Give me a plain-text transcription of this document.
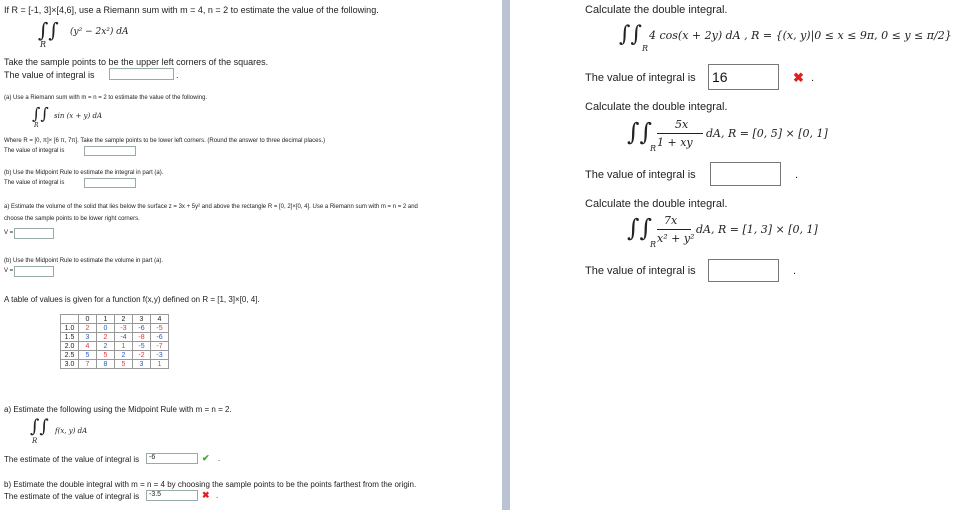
If R = [-1, 3]×[4,6], use a Riemann sum with m = 4, n = 2 to estimate the value of the following.
∫∫
R
(y² − 2x²) dA
Take the sample points to be the upper left corners of the squares.
The value of integral is	.
(a) Use a Riemann sum with m = n = 2 to estimate the value of the following.
∫∫
R
sin (x + y) dA
Where R = [0, π]× [6 π, 7π]. Take the sample points to be lower left corners. (Round the answer to three decimal places.)
The value of integral is
(b) Use the Midpoint Rule to estimate the integral in part (a).
The value of integral is
a) Estimate the volume of the solid that lies below the surface z = 3x + 5y² and above the rectangle R = [0, 2]×[0, 4]. Use a Riemann sum with m = n = 2 and
choose the sample points to be lower right corners.
V =
(b) Use the Midpoint Rule to estimate the volume in part (a).
V =
A table of values is given for a function f(x,y) defined on R = [1, 3]×[0, 4].
	0	1	2	3	4
1.0	2	0	-3	-6	-5
1.5	3	2	-4	-8	-6
2.0	4	2	1	-5	-7
2.5	5	5	2	-2	-3
3.0	7	8	5	3	1
a) Estimate the following using the Midpoint Rule with m = n = 2.
∫∫
R
f(x, y) dA
The estimate of the value of integral is	-6	✔ .
b) Estimate the double integral with m = n = 4 by choosing the sample points to be the points farthest from the origin.
The estimate of the value of integral is	-3.5	✖ .
Calculate the double integral.
∫∫
R
4 cos(x + 2y) dA , R = {(x, y)|0 ≤ x ≤ 9π, 0 ≤ y ≤ π/2}
The value of integral is 16	✖ .
Calculate the double integral.
∫∫
R
5x
1 + xy
dA, R = [0, 5] × [0, 1]
The value of integral is	.
Calculate the double integral.
∫∫
R
7x
x² + y²
dA, R = [1, 3] × [0, 1]
The value of integral is	.
